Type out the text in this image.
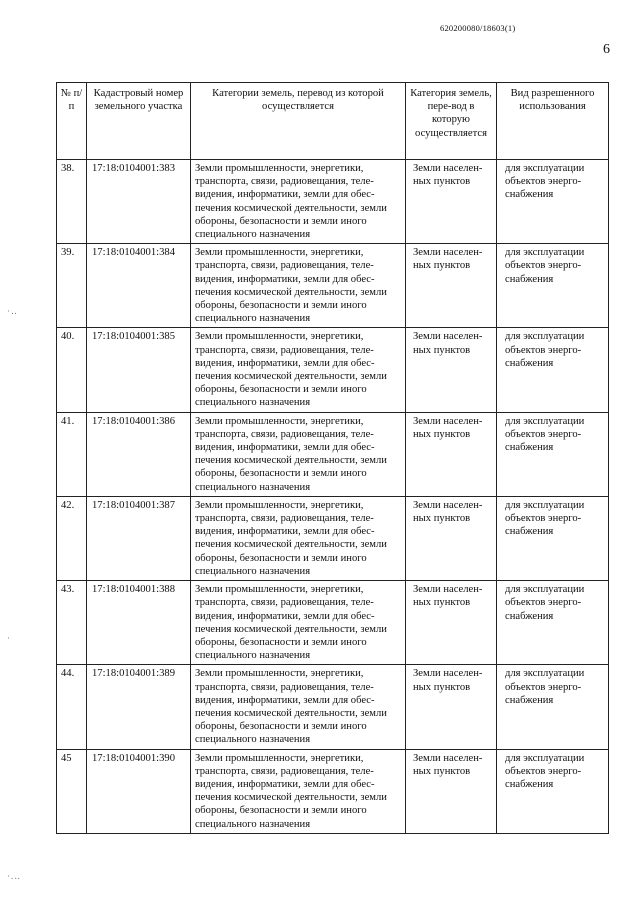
620200080/18603(1)
6
·‥
·
·.‥
№ п/п	Кадастровый номер земельного участка	Категории земель, перевод из которой осуществляется	Категория земель, пере-вод в которую осуществляется	Вид разрешенного использования
38.	17:18:0104001:383	Земли промышленности, энергетики, транспорта, связи, радиовещания, теле-видения, информатики, земли для обес-печения космической деятельности, земли обороны, безопасности и земли иного специального назначения	Земли населен-ных пунктов	для эксплуатации объектов энерго-снабжения
39.	17:18:0104001:384	Земли промышленности, энергетики, транспорта, связи, радиовещания, теле-видения, информатики, земли для обес-печения космической деятельности, земли обороны, безопасности и земли иного специального назначения	Земли населен-ных пунктов	для эксплуатации объектов энерго-снабжения
40.	17:18:0104001:385	Земли промышленности, энергетики, транспорта, связи, радиовещания, теле-видения, информатики, земли для обес-печения космической деятельности, земли обороны, безопасности и земли иного специального назначения	Земли населен-ных пунктов	для эксплуатации объектов энерго-снабжения
41.	17:18:0104001:386	Земли промышленности, энергетики, транспорта, связи, радиовещания, теле-видения, информатики, земли для обес-печения космической деятельности, земли обороны, безопасности и земли иного специального назначения	Земли населен-ных пунктов	для эксплуатации объектов энерго-снабжения
42.	17:18:0104001:387	Земли промышленности, энергетики, транспорта, связи, радиовещания, теле-видения, информатики, земли для обес-печения космической деятельности, земли обороны, безопасности и земли иного специального назначения	Земли населен-ных пунктов	для эксплуатации объектов энерго-снабжения
43.	17:18:0104001:388	Земли промышленности, энергетики, транспорта, связи, радиовещания, теле-видения, информатики, земли для обес-печения космической деятельности, земли обороны, безопасности и земли иного специального назначения	Земли населен-ных пунктов	для эксплуатации объектов энерго-снабжения
44.	17:18:0104001:389	Земли промышленности, энергетики, транспорта, связи, радиовещания, теле-видения, информатики, земли для обес-печения космической деятельности, земли обороны, безопасности и земли иного специального назначения	Земли населен-ных пунктов	для эксплуатации объектов энерго-снабжения
45	17:18:0104001:390	Земли промышленности, энергетики, транспорта, связи, радиовещания, теле-видения, информатики, земли для обес-печения космической деятельности, земли обороны, безопасности и земли иного специального назначения	Земли населен-ных пунктов	для эксплуатации объектов энерго-снабжения
